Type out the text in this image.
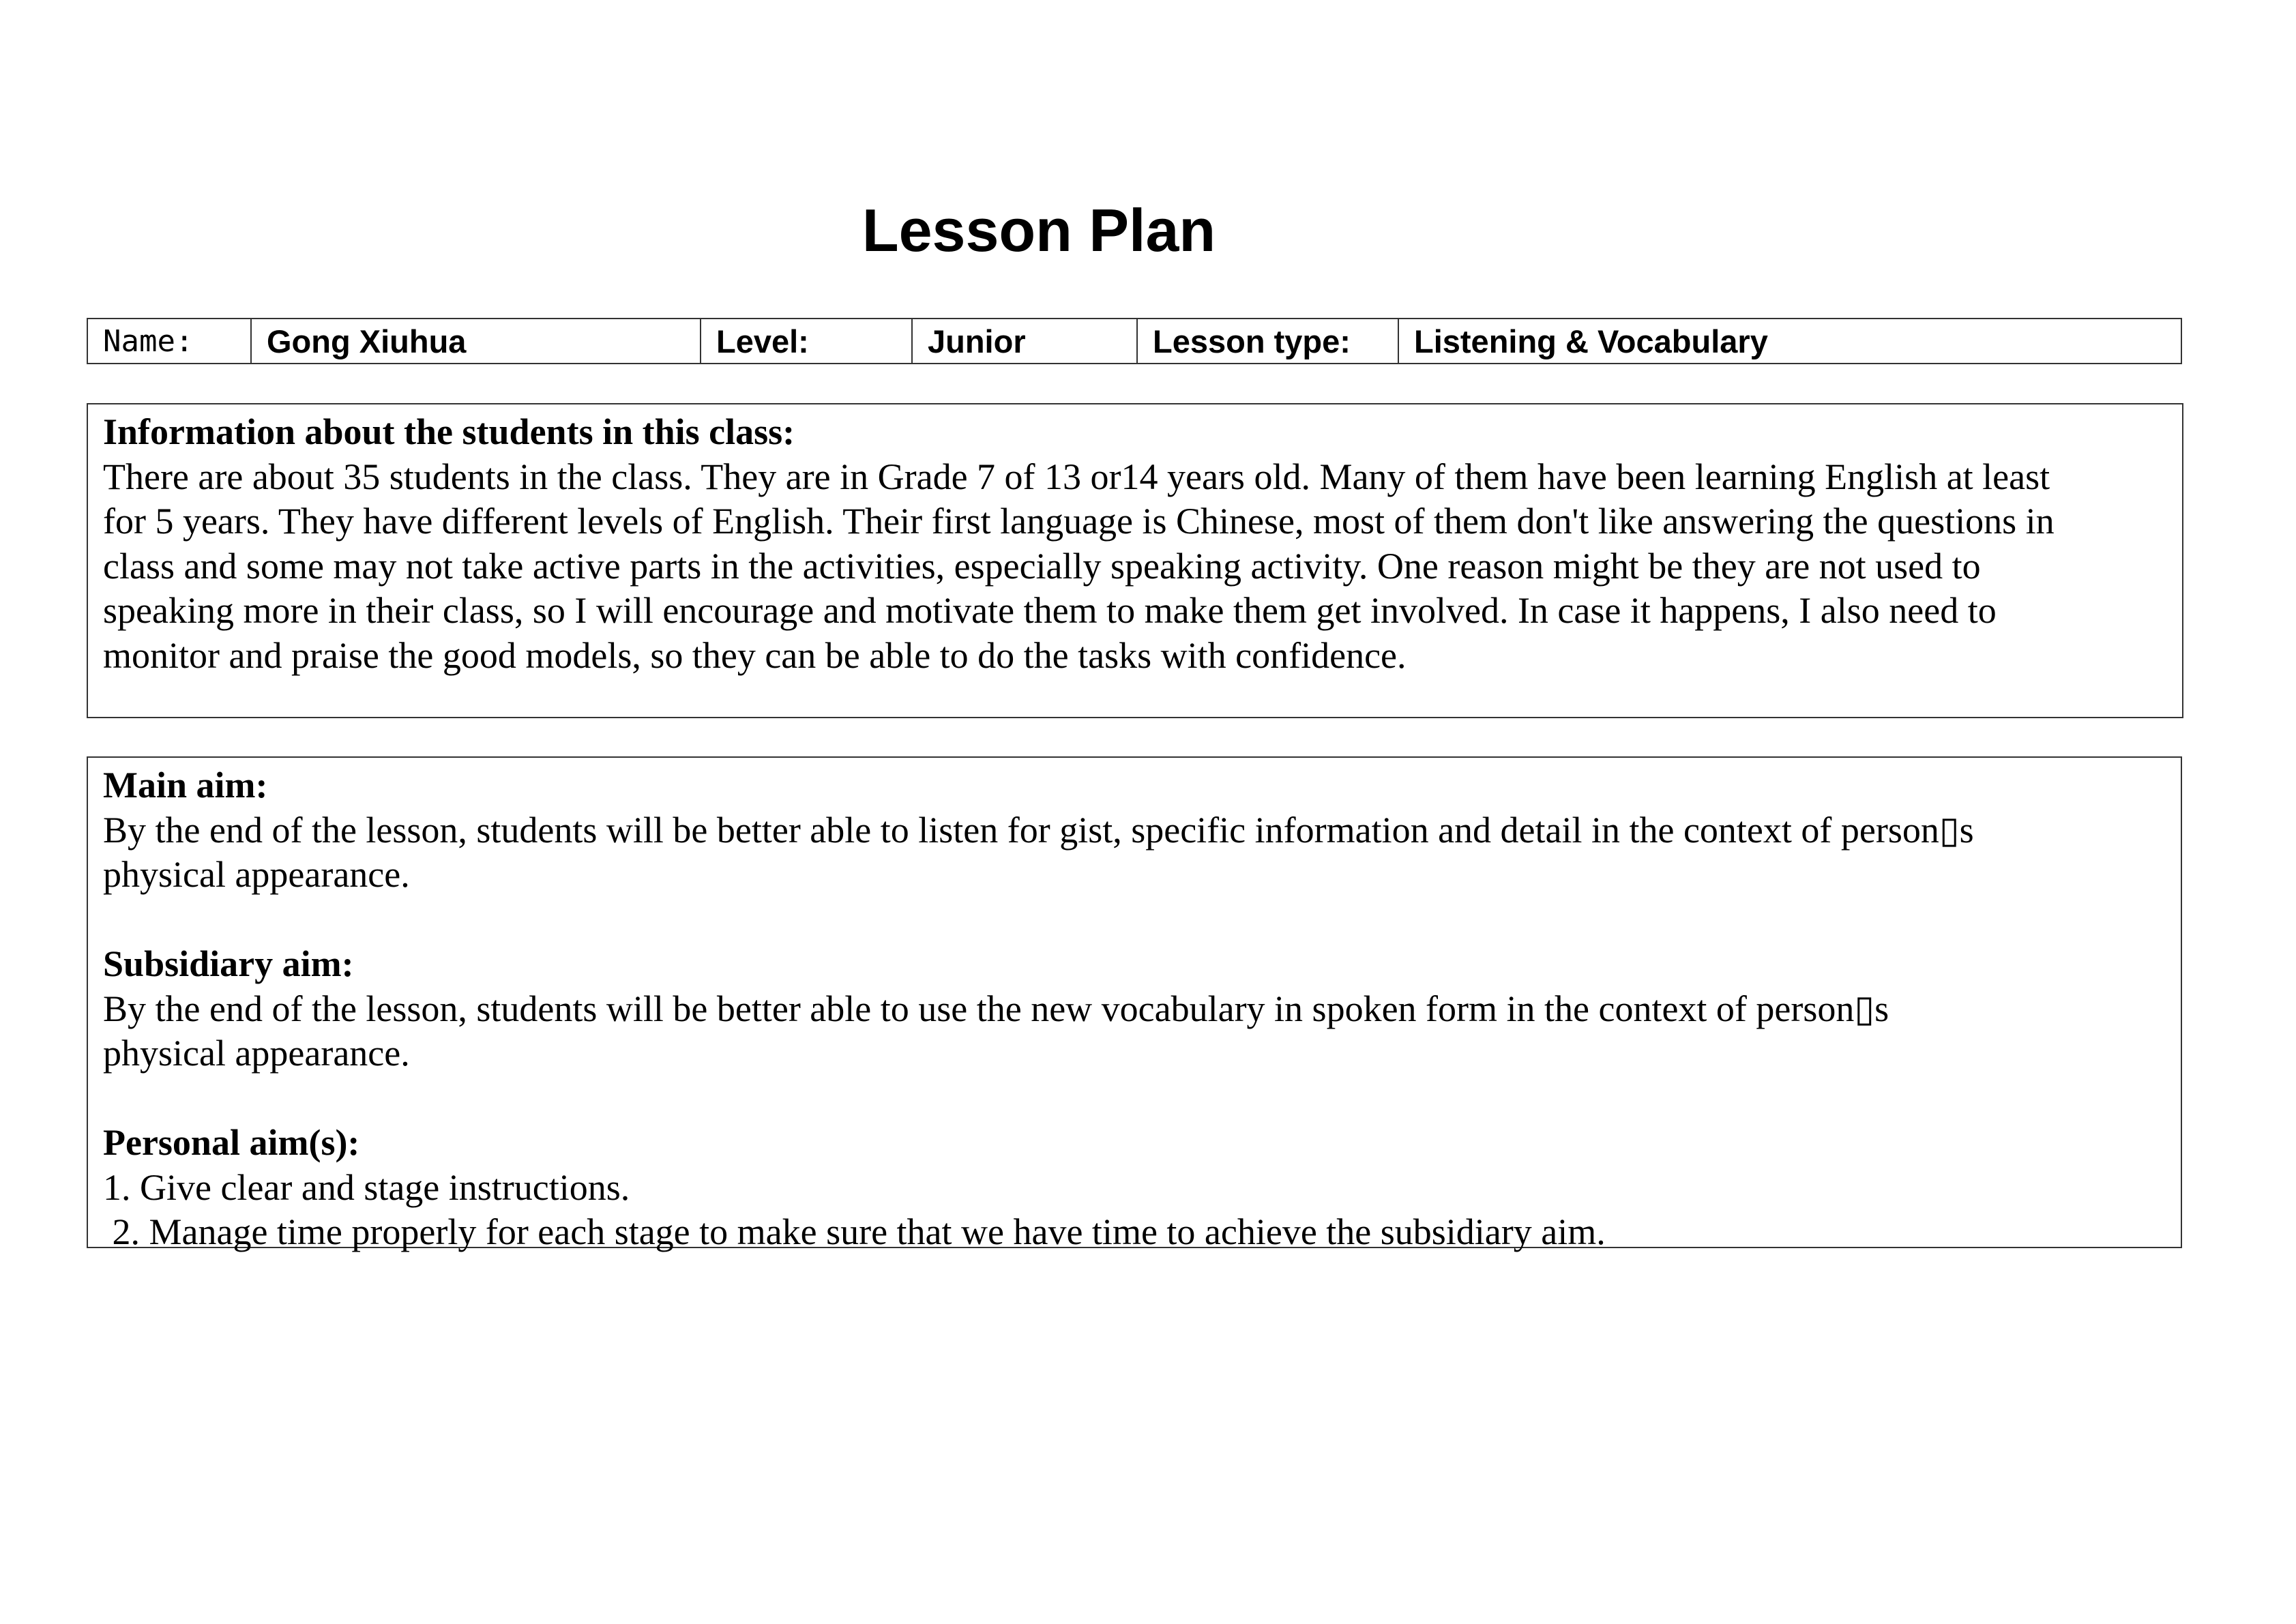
Lesson Plan
Name:	Gong Xiuhua	Level:	Junior	Lesson type:	Listening & Vocabulary
Information about the students in this class:
There are about 35 students in the class. They are in Grade 7 of 13 or14 years old. Many of them have been learning English at least
for 5 years. They have different levels of English. Their first language is Chinese, most of them don't like answering the questions in
class and some may not take active parts in the activities, especially speaking activity. One reason might be they are not used to
speaking more in their class, so I will encourage and motivate them to make them get involved. In case it happens, I also need to
monitor and praise the good models, so they can be able to do the tasks with confidence.
Main aim:
By the end of the lesson, students will be better able to listen for gist, specific information and detail in the context of person▯s
physical appearance.
Subsidiary aim:
By the end of the lesson, students will be better able to use the new vocabulary in spoken form in the context of person▯s
physical appearance.
Personal aim(s):
1. Give clear and stage instructions.
2. Manage time properly for each stage to make sure that we have time to achieve the subsidiary aim.
